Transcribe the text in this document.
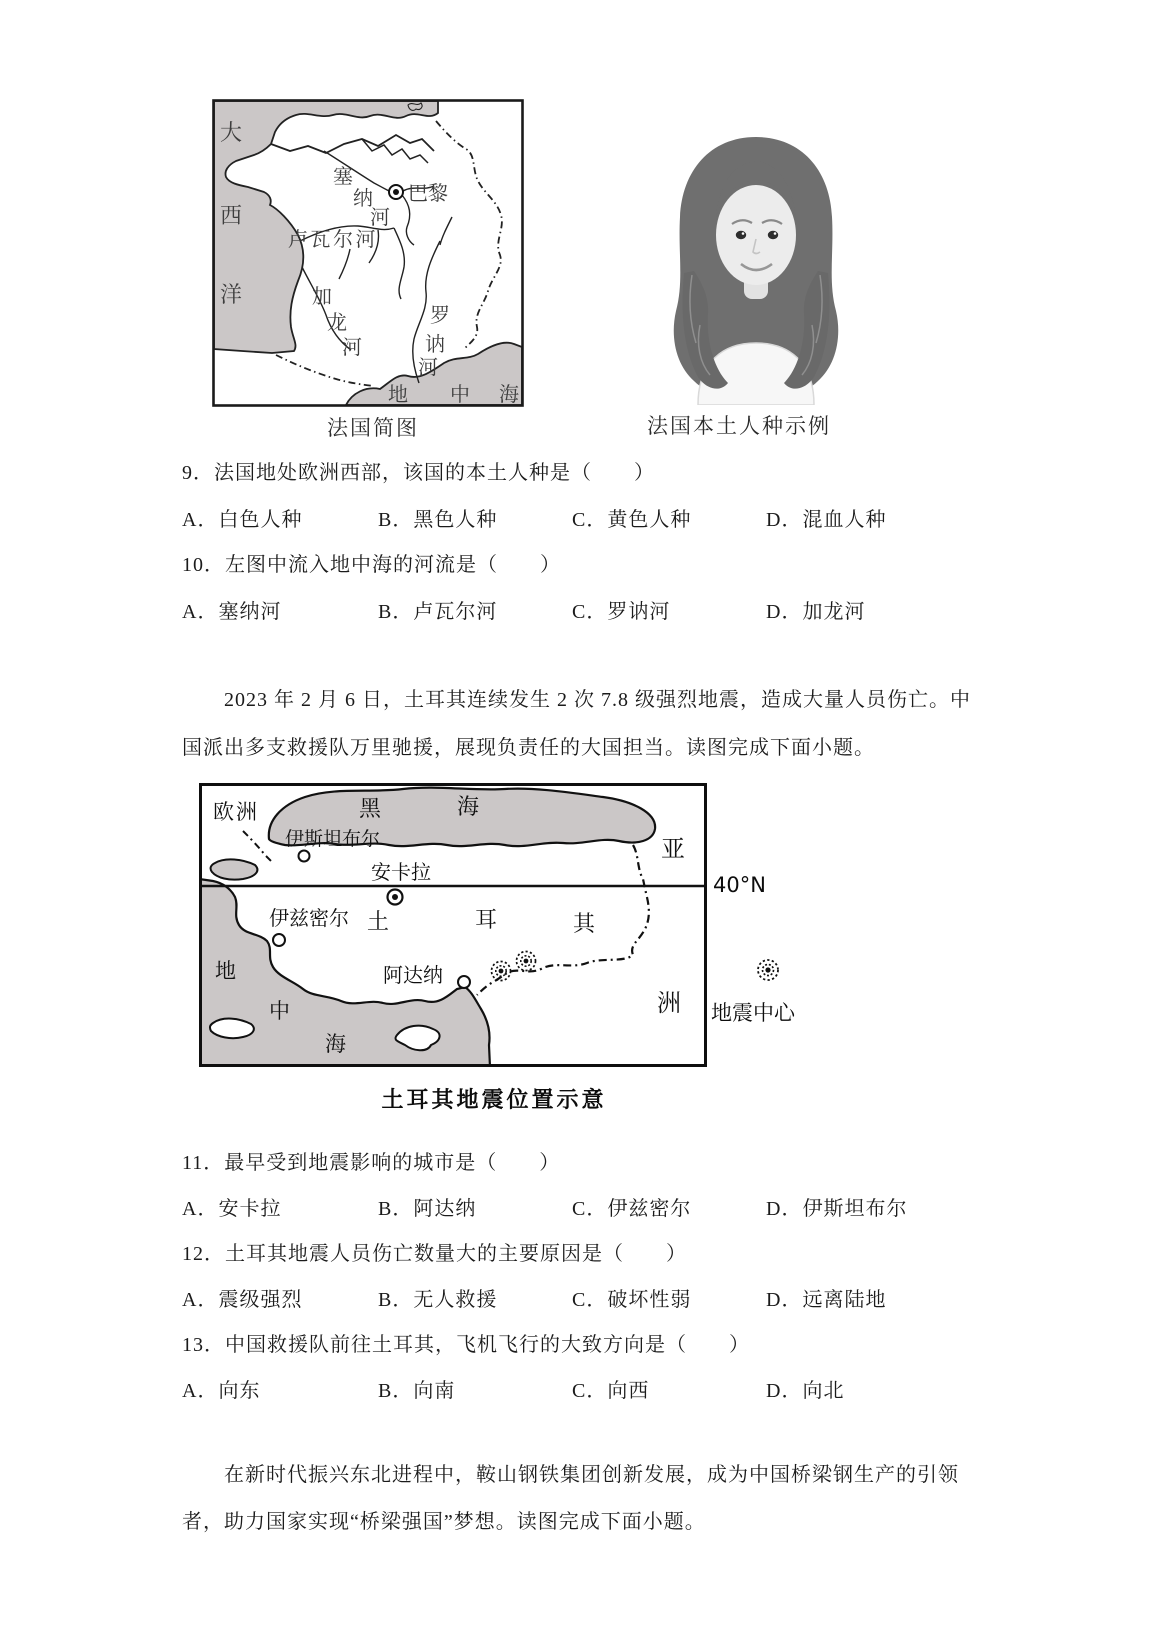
大
西
洋
塞
纳
河
巴黎
卢瓦尔河
加
龙
河
罗
讷
河
地 中 海
法国简图	法国本土人种示例
9．法国地处欧洲西部，该国的本土人种是（　　）
A．白色人种	B．黑色人种	C．黄色人种	D．混血人种
10．左图中流入地中海的河流是（　　）
A．塞纳河	B．卢瓦尔河	C．罗讷河	D．加龙河
2023 年 2 月 6 日，土耳其连续发生 2 次 7.8 级强烈地震，造成大量人员伤亡。中
国派出多支救援队万里驰援，展现负责任的大国担当。读图完成下面小题。
欧洲	黑	海
伊斯坦布尔
安卡拉
伊兹密尔 土	耳	其
阿达纳
地
中
海
亚
洲
40°N
地震中心
土耳其地震位置示意
11．最早受到地震影响的城市是（　　）
A．安卡拉	B．阿达纳	C．伊兹密尔	D．伊斯坦布尔
12．土耳其地震人员伤亡数量大的主要原因是（　　）
A．震级强烈	B．无人救援	C．破坏性弱	D．远离陆地
13．中国救援队前往土耳其，飞机飞行的大致方向是（　　）
A．向东	B．向南	C．向西	D．向北
在新时代振兴东北进程中，鞍山钢铁集团创新发展，成为中国桥梁钢生产的引领
者，助力国家实现“桥梁强国”梦想。读图完成下面小题。
